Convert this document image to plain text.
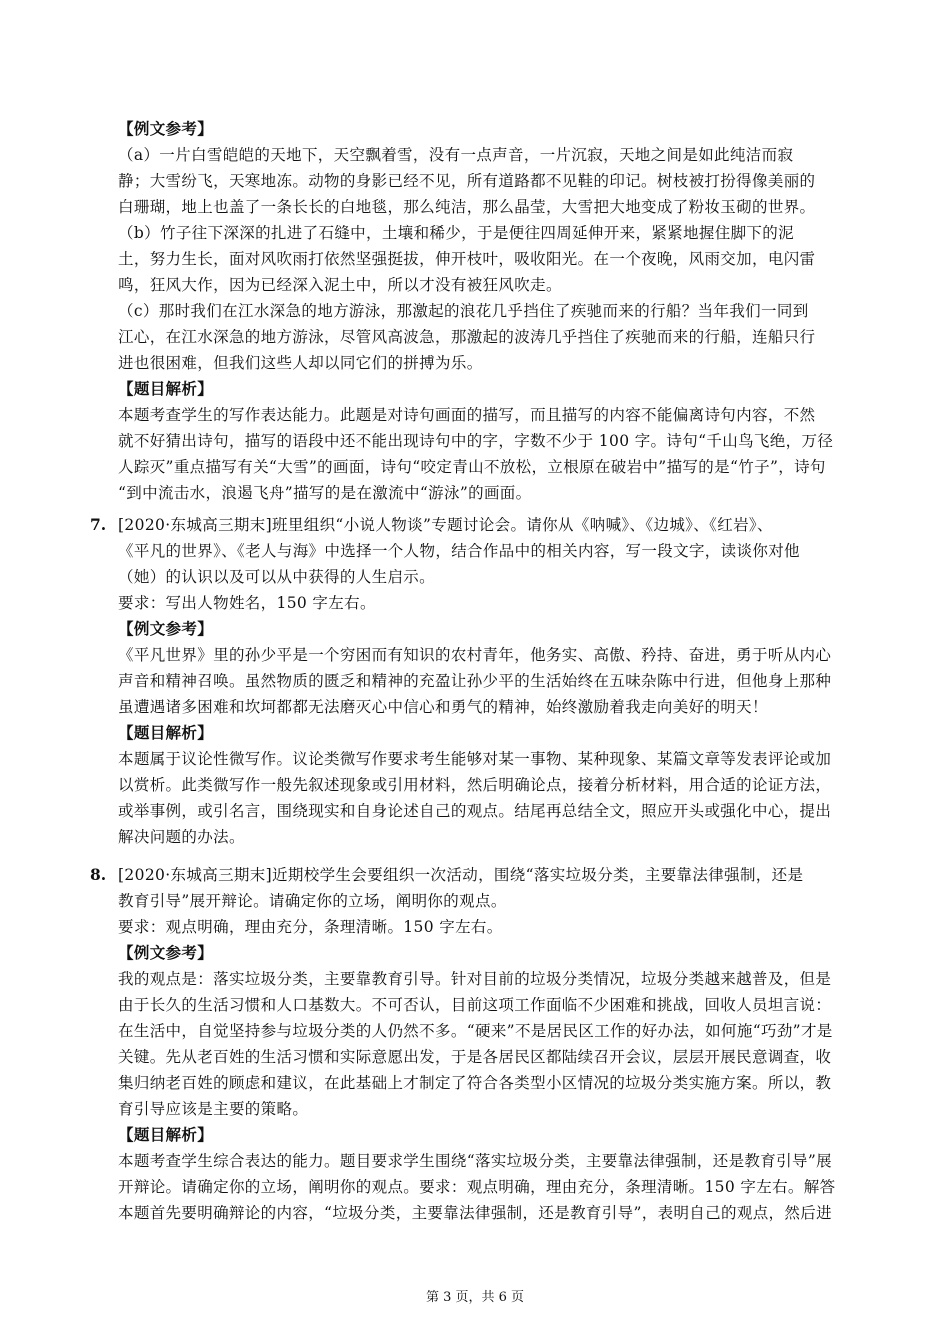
【例文参考】
（a）一片白雪皑皑的天地下，天空飘着雪，没有一点声音，一片沉寂，天地之间是如此纯洁而寂
静；大雪纷飞，天寒地冻。动物的身影已经不见，所有道路都不见鞋的印记。树枝被打扮得像美丽的
白珊瑚，地上也盖了一条长长的白地毯，那么纯洁，那么晶莹，大雪把大地变成了粉妆玉砌的世界。
（b）竹子往下深深的扎进了石缝中，土壤和稀少，于是便往四周延伸开来，紧紧地握住脚下的泥
土，努力生长，面对风吹雨打依然坚强挺拔，伸开枝叶，吸收阳光。在一个夜晚，风雨交加，电闪雷
鸣，狂风大作，因为已经深入泥土中，所以才没有被狂风吹走。
（c）那时我们在江水深急的地方游泳，那激起的浪花几乎挡住了疾驰而来的行船？当年我们一同到
江心，在江水深急的地方游泳，尽管风高波急，那激起的波涛几乎挡住了疾驰而来的行船，连船只行
进也很困难，但我们这些人却以同它们的拼搏为乐。
【题目解析】
本题考查学生的写作表达能力。此题是对诗句画面的描写，而且描写的内容不能偏离诗句内容，不然
就不好猜出诗句，描写的语段中还不能出现诗句中的字，字数不少于 100 字。诗句“千山鸟飞绝，万径
人踪灭”重点描写有关“大雪”的画面，诗句“咬定青山不放松，立根原在破岩中”描写的是“竹子”，诗句
“到中流击水，浪遏飞舟”描写的是在激流中“游泳”的画面。
7. [2020·东城高三期末]班里组织“小说人物谈”专题讨论会。请你从《呐喊》、《边城》、《红岩》、
《平凡的世界》、《老人与海》中选择一个人物，结合作品中的相关内容，写一段文字，读谈你对他
（她）的认识以及可以从中获得的人生启示。
要求：写出人物姓名，150 字左右。
【例文参考】
《平凡世界》里的孙少平是一个穷困而有知识的农村青年，他务实、高傲、矜持、奋进，勇于听从内心
声音和精神召唤。虽然物质的匮乏和精神的充盈让孙少平的生活始终在五味杂陈中行进，但他身上那种
虽遭遇诸多困难和坎坷都都无法磨灭心中信心和勇气的精神，始终激励着我走向美好的明天！
【题目解析】
本题属于议论性微写作。议论类微写作要求考生能够对某一事物、某种现象、某篇文章等发表评论或加
以赏析。此类微写作一般先叙述现象或引用材料，然后明确论点，接着分析材料，用合适的论证方法，
或举事例，或引名言，围绕现实和自身论述自己的观点。结尾再总结全文，照应开头或强化中心，提出
解决问题的办法。
8. [2020·东城高三期末]近期校学生会要组织一次活动，围绕“落实垃圾分类，主要靠法律强制，还是
教育引导”展开辩论。请确定你的立场，阐明你的观点。
要求：观点明确，理由充分，条理清晰。150 字左右。
【例文参考】
我的观点是：落实垃圾分类，主要靠教育引导。针对目前的垃圾分类情况，垃圾分类越来越普及，但是
由于长久的生活习惯和人口基数大。不可否认，目前这项工作面临不少困难和挑战，回收人员坦言说：
在生活中，自觉坚持参与垃圾分类的人仍然不多。“硬来”不是居民区工作的好办法，如何施“巧劲”才是
关键。先从老百姓的生活习惯和实际意愿出发，于是各居民区都陆续召开会议，层层开展民意调查，收
集归纳老百姓的顾虑和建议，在此基础上才制定了符合各类型小区情况的垃圾分类实施方案。所以，教
育引导应该是主要的策略。
【题目解析】
本题考查学生综合表达的能力。题目要求学生围绕“落实垃圾分类，主要靠法律强制，还是教育引导”展
开辩论。请确定你的立场，阐明你的观点。要求：观点明确，理由充分，条理清晰。150 字左右。解答
本题首先要明确辩论的内容，“垃圾分类，主要靠法律强制，还是教育引导”，表明自己的观点，然后进
第 3 页，共 6 页
